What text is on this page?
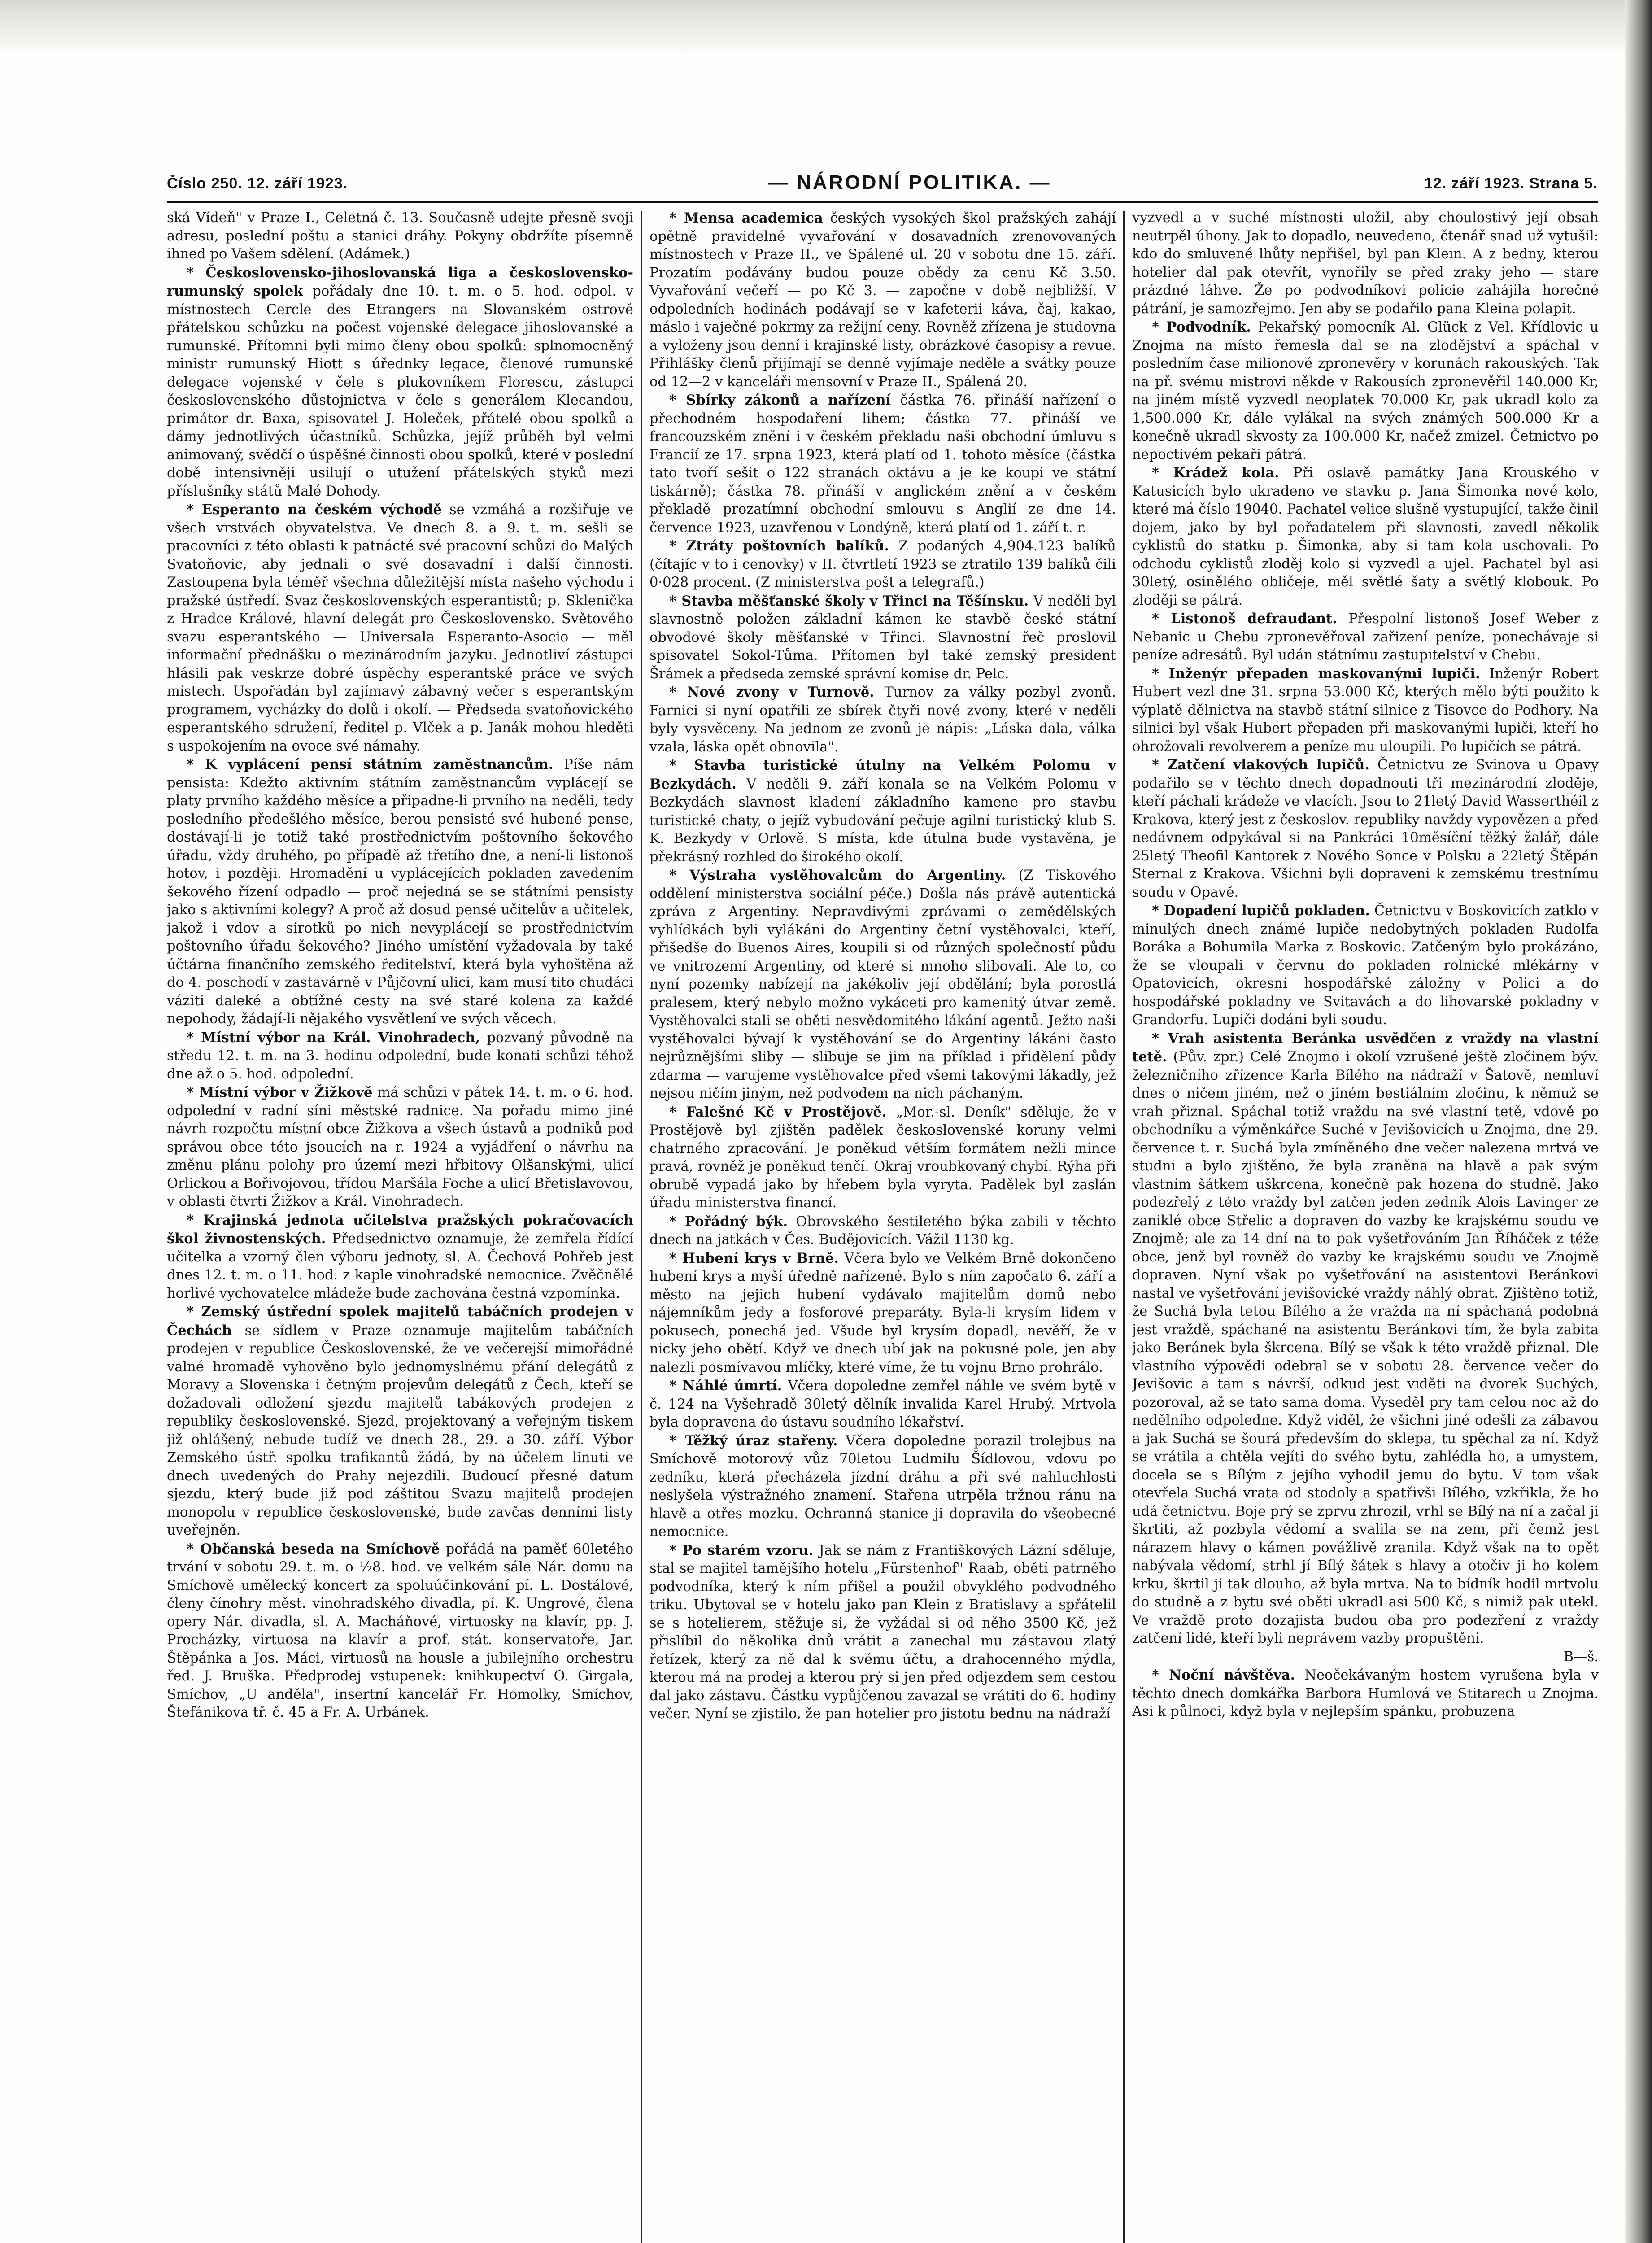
Číslo 250. 12. září 1923.	— NÁRODNÍ POLITIKA. —	12. září 1923. Strana 5.

ská Vídeň" v Praze I., Celetná č. 13. Současně udejte přesně svoji adresu, poslední poštu a stanici dráhy. Pokyny obdržíte písemně ihned po Vašem sdělení. (Adámek.)

* Československo-jihoslovanská liga a československo-rumunský spolek pořádaly dne 10. t. m. o 5. hod. odpol. v místnostech Cercle des Etrangers na Slovanském ostrově přátelskou schůzku na počest vojenské delegace jihoslovanské a rumunské. Přítomni byli mimo členy obou spolků: splnomocněný ministr rumunský Hiott s úřednky legace, členové rumunské delegace vojenské v čele s plukovníkem Florescu, zástupci československého důstojnictva v čele s generálem Klecandou, primátor dr. Baxa, spisovatel J. Holeček, přátelé obou spolků a dámy jednotlivých účastníků. Schůzka, jejíž průběh byl velmi animovaný, svědčí o úspěšné činnosti obou spolků, které v poslední době intensivněji usilují o utužení přátelských styků mezi příslušníky států Malé Dohody.

* Esperanto na českém východě se vzmáhá a rozšiřuje ve všech vrstvách obyvatelstva. Ve dnech 8. a 9. t. m. sešli se pracovníci z této oblasti k patnácté své pracovní schůzi do Malých Svatoňovic, aby jednali o své dosavadní i další činnosti. Zastoupena byla téměř všechna důležitější místa našeho východu i pražské ústředí. Svaz československých esperantistů; p. Sklenička z Hradce Králové, hlavní delegát pro Československo. Světového svazu esperantského — Universala Esperanto-Asocio — měl informační přednášku o mezinárodním jazyku. Jednotliví zástupci hlásili pak veskrze dobré úspěchy esperantské práce ve svých místech. Uspořádán byl zajímavý zábavný večer s esperantským programem, vycházky do dolů i okolí. — Předseda svatoňovického esperantského sdružení, ředitel p. Vlček a p. Janák mohou hleděti s uspokojením na ovoce své námahy.

* K vyplácení pensí státním zaměstnancům. Píše nám pensista: Kdežto aktivním státním zaměstnancům vyplácejí se platy prvního každého měsíce a připadne-li prvního na neděli, tedy posledního předešlého měsíce, berou pensisté své hubené pense, dostávají-li je totiž také prostřednictvím poštovního šekového úřadu, vždy druhého, po případě až třetího dne, a není-li listonoš hotov, i později. Hromadění u vyplácejících pokladen zavedením šekového řízení odpadlo — proč nejedná se se státními pensisty jako s aktivními kolegy? A proč až dosud pensé učitelův a učitelek, jakož i vdov a sirotků po nich nevyplácejí se prostřednictvím poštovního úřadu šekového? Jiného umístění vyžadovala by také účtárna finančního zemského ředitelství, která byla vyhoštěna až do 4. poschodí v zastavárně v Půjčovní ulici, kam musí tito chudáci váziti daleké a obtížné cesty na své staré kolena za každé nepohody, žádají-li nějakého vysvětlení ve svých věcech.

* Místní výbor na Král. Vinohradech, pozvaný původně na středu 12. t. m. na 3. hodinu odpolední, bude konati schůzi téhož dne až o 5. hod. odpolední.

* Místní výbor v Žižkově má schůzi v pátek 14. t. m. o 6. hod. odpolední v radní síni městské radnice. Na pořadu mimo jiné návrh rozpočtu místní obce Žižkova a všech ústavů a podniků pod správou obce této jsoucích na r. 1924 a vyjádření o návrhu na změnu plánu polohy pro území mezi hřbitovy Olšanskými, ulicí Orlickou a Bořivojovou, třídou Maršála Foche a ulicí Břetislavovou, v oblasti čtvrti Žižkov a Král. Vinohradech.

* Krajinská jednota učitelstva pražských pokračovacích škol živnostenských. Předsednictvo oznamuje, že zemřela řídící učitelka a vzorný člen výboru jednoty, sl. A. Čechová Pohřeb jest dnes 12. t. m. o 11. hod. z kaple vinohradské nemocnice. Zvěčnělé horlivé vychovatelce mládeže bude zachována čestná vzpomínka.

* Zemský ústřední spolek majitelů tabáčních prodejen v Čechách se sídlem v Praze oznamuje majitelům tabáčních prodejen v republice Československé, že ve večerejší mimořádné valné hromadě vyhověno bylo jednomyslnému přání delegátů z Moravy a Slovenska i četným projevům delegátů z Čech, kteří se dožadovali odložení sjezdu majitelů tabákových prodejen z republiky československé. Sjezd, projektovaný a veřejným tiskem již ohlášený, nebude tudíž ve dnech 28., 29. a 30. září. Výbor Zemského ústř. spolku trafikantů žádá, by na účelem linuti ve dnech uvedených do Prahy nejezdili. Budoucí přesné datum sjezdu, který bude již pod záštitou Svazu majitelů prodejen monopolu v republice československé, bude zavčas denními listy uveřejněn.

* Občanská beseda na Smíchově pořádá na paměť 60letého trvání v sobotu 29. t. m. o ½8. hod. ve velkém sále Nár. domu na Smíchově umělecký koncert za spoluúčinkování pí. L. Dostálové, členy čínohry měst. vinohradského divadla, pí. K. Ungrové, člena opery Nár. divadla, sl. A. Macháňové, virtuosky na klavír, pp. J. Procházky, virtuosa na klavír a prof. stát. konservatoře, Jar. Štěpánka a Jos. Máci, virtuosů na housle a jubilejního orchestru řed. J. Bruška. Předprodej vstupenek: knihkupectví O. Girgala, Smíchov, „U anděla", insertní kancelář Fr. Homolky, Smíchov, Štefánikova tř. č. 45 a Fr. A. Urbánek.

* Mensa academica českých vysokých škol pražských zahájí opětně pravidelné vyvařování v dosavadních zrenovovaných místnostech v Praze II., ve Spálené ul. 20 v sobotu dne 15. září. Prozatím podávány budou pouze obědy za cenu Kč 3.50. Vyvařování večeří — po Kč 3. — započne v době nejbližší. V odpoledních hodinách podávají se v kafeterii káva, čaj, kakao, máslo i vaječné pokrmy za režijní ceny. Rovněž zřízena je studovna a vyloženy jsou denní i krajinské listy, obrázkové časopisy a revue. Přihlášky členů přijímají se denně vyjímaje neděle a svátky pouze od 12—2 v kanceláři mensovní v Praze II., Spálená 20.

* Sbírky zákonů a nařízení částka 76. přináší nařízení o přechodném hospodaření lihem; částka 77. přináší ve francouzském znění i v českém překladu naši obchodní úmluvu s Francií ze 17. srpna 1923, která platí od 1. tohoto měsíce (částka tato tvoří sešit o 122 stranách oktávu a je ke koupi ve státní tiskárně); částka 78. přináší v anglickém znění a v českém překladě prozatímní obchodní smlouvu s Anglií ze dne 14. července 1923, uzavřenou v Londýně, která platí od 1. září t. r.

* Ztráty poštovních balíků. Z podaných 4,904.123 balíků (čítajíc v to i cenovky) v II. čtvrtletí 1923 se ztratilo 139 balíků čili 0·028 procent. (Z ministerstva pošt a telegrafů.)

* Stavba měšťanské školy v Třinci na Těšínsku. V neděli byl slavnostně položen základní kámen ke stavbě české státní obvodové školy měšťanské v Třinci. Slavnostní řeč proslovil spisovatel Sokol-Tůma. Přítomen byl také zemský president Šrámek a předseda zemské správní komise dr. Pelc.

* Nové zvony v Turnově. Turnov za války pozbyl zvonů. Farnici si nyní opatřili ze sbírek čtyři nové zvony, které v neděli byly vysvěceny. Na jednom ze zvonů je nápis: „Láska dala, válka vzala, láska opět obnovila".

* Stavba turistické útulny na Velkém Polomu v Bezkydách. V neděli 9. září konala se na Velkém Polomu v Bezkydách slavnost kladení základního kamene pro stavbu turistické chaty, o jejíž vybudování pečuje agilní turistický klub S. K. Bezkydy v Orlově. S místa, kde útulna bude vystavěna, je překrásný rozhled do širokého okolí.

* Výstraha vystěhovalcům do Argentiny. (Z Tiskového oddělení ministerstva sociální péče.) Došla nás právě autentická zpráva z Argentiny. Nepravdivými zprávami o zemědělských vyhlídkách byli vylákáni do Argentiny četní vystěhovalci, kteří, přišedše do Buenos Aires, koupili si od různých společností půdu ve vnitrozemí Argentiny, od které si mnoho slibovali. Ale to, co nyní pozemky nabízejí na jakékoliv její obdělání; byla porostlá pralesem, který nebylo možno vykáceti pro kamenitý útvar země. Vystěhovalci stali se oběti nesvědomitého lákání agentů. Ježto naši vystěhovalci bývají k vystěhování se do Argentiny lákáni často nejrůznějšími sliby — slibuje se jim na příklad i přidělení půdy zdarma — varujeme vystěhovalce před všemi takovými lákadly, jež nejsou ničím jiným, než podvodem na nich páchaným.

* Falešné Kč v Prostějově. „Mor.-sl. Deník" sděluje, že v Prostějově byl zjištěn padělek československé koruny velmi chatrného zpracování. Je poněkud větším formátem nežli mince pravá, rovněž je poněkud tenčí. Okraj vroubkovaný chybí. Rýha při obrubě vypadá jako by hřebem byla vyryta. Padělek byl zaslán úřadu ministerstva financí.

* Pořádný býk. Obrovského šestiletého býka zabili v těchto dnech na jatkách v Čes. Budějovicích. Vážil 1130 kg.

* Hubení krys v Brně. Včera bylo ve Velkém Brně dokončeno hubení krys a myší úředně nařízené. Bylo s ním započato 6. září a město na jejich hubení vydávalo majitelům domů nebo nájemníkům jedy a fosforové preparáty. Byla-li krysím lidem v pokusech, ponechá jed. Všude byl krysím dopadl, nevěří, že v nicky jeho obětí. Když ve dnech ubí jak na pokusné pole, jen aby nalezli posmívavou mlíčky, které víme, že tu vojnu Brno prohrálo.

* Náhlé úmrtí. Včera dopoledne zemřel náhle ve svém bytě v č. 124 na Vyšehradě 30letý dělník invalida Karel Hrubý. Mrtvola byla dopravena do ústavu soudního lékařství.

* Těžký úraz stařeny. Včera dopoledne porazil trolejbus na Smíchově motorový vůz 70letou Ludmilu Šídlovou, vdovu po zedníku, která přecházela jízdní dráhu a při své nahluchlosti neslyšela výstražného znamení. Stařena utrpěla tržnou ránu na hlavě a otřes mozku. Ochranná stanice ji dopravila do všeobecné nemocnice.

* Po starém vzoru. Jak se nám z Františkových Lázní sděluje, stal se majitel tamějšího hotelu „Fürstenhof" Raab, obětí patrného podvodníka, který k ním přišel a použil obvyklého podvodného triku. Ubytoval se v hotelu jako pan Klein z Bratislavy a spřátelil se s hotelierem, stěžuje si, že vyžádal si od něho 3500 Kč, jež přislíbil do několika dnů vrátit a zanechal mu zástavou zlatý řetízek, který za ně dal k svému účtu, a drahocenného mýdla, kterou má na prodej a kterou prý si jen před odjezdem sem cestou dal jako zástavu. Částku vypůjčenou zavazal se vrátiti do 6. hodiny večer. Nyní se zjistilo, že pan hotelier pro jistotu bednu na nádraží

vyzvedl a v suché místnosti uložil, aby choulostivý její obsah neutrpěl úhony. Jak to dopadlo, neuvedeno, čtenář snad už vytušil: kdo do smluvené lhůty nepřišel, byl pan Klein. A z bedny, kterou hotelier dal pak otevřít, vynořily se před zraky jeho — stare prázdné láhve. Že po podvodníkovi policie zahájila horečné pátrání, je samozřejmo. Jen aby se podařilo pana Kleina polapit.

* Podvodník. Pekařský pomocník Al. Glück z Vel. Křídlovic u Znojma na místo řemesla dal se na zlodějství a spáchal v posledním čase milionové zpronevěry v korunách rakouských. Tak na př. svému mistrovi někde v Rakousích zpronevěřil 140.000 Kr, na jiném místě vyzvedl neoplatek 70.000 Kr, pak ukradl kolo za 1,500.000 Kr, dále vylákal na svých známých 500.000 Kr a konečně ukradl skvosty za 100.000 Kr, načež zmizel. Četnictvo po nepoctivém pekaři pátrá.

* Krádež kola. Při oslavě památky Jana Krouského v Katusicích bylo ukradeno ve stavku p. Jana Šimonka nové kolo, které má číslo 19040. Pachatel velice slušně vystupující, takže činil dojem, jako by byl pořadatelem při slavnosti, zavedl několik cyklistů do statku p. Šimonka, aby si tam kola uschovali. Po odchodu cyklistů zloděj kolo si vyzvedl a ujel. Pachatel byl asi 30letý, osinělého obličeje, měl světlé šaty a světlý klobouk. Po zloději se pátrá.

* Listonoš defraudant. Přespolní listonoš Josef Weber z Nebanic u Chebu zpronevěřoval zařizení peníze, ponechávaje si peníze adresátů. Byl udán státnímu zastupitelství v Chebu.

* Inženýr přepaden maskovanými lupiči. Inženýr Robert Hubert vezl dne 31. srpna 53.000 Kč, kterých mělo býti použito k výplatě dělnictva na stavbě státní silnice z Tisovce do Podhory. Na silnici byl však Hubert přepaden při maskovanými lupiči, kteří ho ohrožovali revolverem a peníze mu uloupili. Po lupičích se pátrá.

* Zatčení vlakových lupičů. Četnictvu ze Svinova u Opavy podařilo se v těchto dnech dopadnouti tři mezinárodní zloděje, kteří páchali krádeže ve vlacích. Jsou to 21letý David Wasserthéil z Krakova, který jest z českoslov. republiky navždy vypovězen a před nedávnem odpykával si na Pankráci 10měsíční těžký žalář, dále 25letý Theofil Kantorek z Nového Sonce v Polsku a 22letý Štěpán Sternal z Krakova. Všichni byli dopraveni k zemskému trestnímu soudu v Opavě.

* Dopadení lupičů pokladen. Četnictvu v Boskovicích zatklo v minulých dnech známé lupiče nedobytných pokladen Rudolfa Boráka a Bohumila Marka z Boskovic. Zatčeným bylo prokázáno, že se vloupali v červnu do pokladen rolnické mlékárny v Opatovicích, okresní hospodářské záložny v Polici a do hospodářské pokladny ve Svitavách a do lihovarské pokladny v Grandorfu. Lupiči dodáni byli soudu.

* Vrah asistenta Beránka usvědčen z vraždy na vlastní tetě. (Pův. zpr.) Celé Znojmo i okolí vzrušené ještě zločinem býv. železničního zřízence Karla Bílého na nádraží v Šatově, nemluví dnes o ničem jiném, než o jiném bestiálním zločinu, k němuž se vrah přiznal. Spáchal totiž vraždu na své vlastní tetě, vdově po obchodníku a výměnkářce Suché v Jevišovicích u Znojma, dne 29. července t. r. Suchá byla zmíněného dne večer nalezena mrtvá ve studni a bylo zjištěno, že byla zraněna na hlavě a pak svým vlastním šátkem uškrcena, konečně pak hozena do studně. Jako podezřelý z této vraždy byl zatčen jeden zedník Alois Lavinger ze zaniklé obce Střelic a dopraven do vazby ke krajskému soudu ve Znojmě; ale za 14 dní na to pak vyšetřováním Jan Říháček z téže obce, jenž byl rovněž do vazby ke krajskému soudu ve Znojmě dopraven. Nyní však po vyšetřování na asistentovi Beránkovi nastal ve vyšetřování jevišovické vraždy náhlý obrat. Zjištěno totiž, že Suchá byla tetou Bílého a že vražda na ní spáchaná podobná jest vraždě, spáchané na asistentu Beránkovi tím, že byla zabita jako Beránek byla škrcena. Bílý se však k této vraždě přiznal. Dle vlastního výpovědi odebral se v sobotu 28. července večer do Jevišovic a tam s návrší, odkud jest viděti na dvorek Suchých, pozoroval, až se tato sama doma. Vyseděl pry tam celou noc až do nedělního odpoledne. Když viděl, že všichni jiné odešli za zábavou a jak Suchá se šourá především do sklepa, tu spěchal za ní. Když se vrátila a chtěla vejíti do svého bytu, zahlédla ho, a umystem, docela se s Bílým z jejího vyhodil jemu do bytu. V tom však otevřela Suchá vrata od stodoly a spatřivši Bílého, vzkřikla, že ho udá četnictvu. Boje prý se zprvu zhrozil, vrhl se Bílý na ní a začal ji škrtiti, až pozbyla vědomí a svalila se na zem, při čemž jest nárazem hlavy o kámen povážlivě zranila. Když však na to opět nabývala vědomí, strhl jí Bílý šátek s hlavy a otočiv ji ho kolem krku, škrtil ji tak dlouho, až byla mrtva. Na to bídník hodil mrtvolu do studně a z bytu své oběti ukradl asi 500 Kč, s nimiž pak utekl. Ve vraždě proto dozajista budou oba pro podezření z vraždy zatčení lidé, kteří byli neprávem vazby propuštěni.

B—š.

* Noční návštěva. Neočekávaným hostem vyrušena byla v těchto dnech domkářka Barbora Humlová ve Stitarech u Znojma. Asi k půlnoci, když byla v nejlepším spánku, probuzena
